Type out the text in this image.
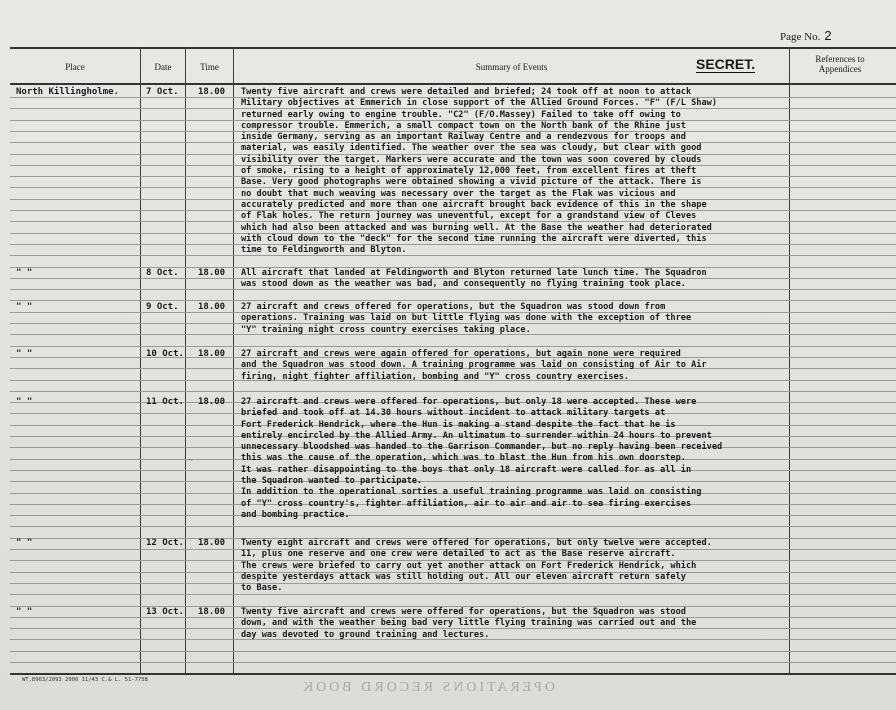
Page No. 2
Place	Date	Time	Summary of Events
References to Appendices
SECRET.
~
North Killingholme.	7 Oct.	18.00	Twenty five aircraft and crews were detailed and briefed; 24 took off at noon to attack
Military objectives at Emmerich in close support of the Allied Ground Forces. "F" (F/L Shaw)
returned early owing to engine trouble. "C2" (F/O.Massey) Failed to take off owing to
compressor trouble. Emmerich, a small compact town on the North bank of the Rhine just
inside Germany, serving as an important Railway Centre and a rendezvous for troops and
material, was easily identified. The weather over the sea was cloudy, but clear with good
visibility over the target. Markers were accurate and the town was soon covered by clouds
of smoke, rising to a height of approximately 12,000 feet, from excellent fires at theft
Base. Very good photographs were obtained showing a vivid picture of the attack. There is
no doubt that much weaving was necessary over the target as the Flak was vicious and
accurately predicted and more than one aircraft brought back evidence of this in the shape
of Flak holes. The return journey was uneventful, except for a grandstand view of Cleves
which had also been attacked and was burning well. At the Base the weather had deteriorated
with cloud down to the "deck" for the second time running the aircraft were diverted, this
time to Feldingworth and Blyton.
" "	8 Oct.	18.00	All aircraft that landed at Feldingworth and Blyton returned late lunch time. The Squadron
was stood down as the weather was bad, and consequently no flying training took place.
" "	9 Oct.	18.00	27 aircraft and crews offered for operations, but the Squadron was stood down from
operations. Training was laid on but little flying was done with the exception of three
"Y" training night cross country exercises taking place.
" "	10 Oct. 18.00	27 aircraft and crews were again offered for operations, but again none were required
and the Squadron was stood down. A training programme was laid on consisting of Air to Air
firing, night fighter affiliation, bombing and "Y" cross country exercises.
" "	11 Oct. 18.00	27 aircraft and crews were offered for operations, but only 18 were accepted. These were
briefed and took off at 14.30 hours without incident to attack military targets at
Fort Frederick Hendrick, where the Hun is making a stand despite the fact that he is
entirely encircled by the Allied Army. An ultimatum to surrender within 24 hours to prevent
unnecessary bloodshed was handed to the Garrison Commander, but no reply having been received
this was the cause of the operation, which was to blast the Hun from his own doorstep.
It was rather disappointing to the boys that only 18 aircraft were called for as all in
the Squadron wanted to participate.
In addition to the operational sorties a useful training programme was laid on consisting
of "Y" cross country's, fighter affiliation, air to air and air to sea firing exercises
and bombing practice.
" "	12 Oct. 18.00	Twenty eight aircraft and crews were offered for operations, but only twelve were accepted.
11, plus one reserve and one crew were detailed to act as the Base reserve aircraft.
The crews were briefed to carry out yet another attack on Fort Frederick Hendrick, which
despite yesterdays attack was still holding out. All our eleven aircraft return safely
to Base.
" "	13 Oct. 18.00	Twenty five aircraft and crews were offered for operations, but the Squadron was stood
down, and with the weather being bad very little flying training was carried out and the
day was devoted to ground training and lectures.
WT.8963/2093 2000 11/43 C.& L. 51-7758	OPERATIONS RECORD BOOK
